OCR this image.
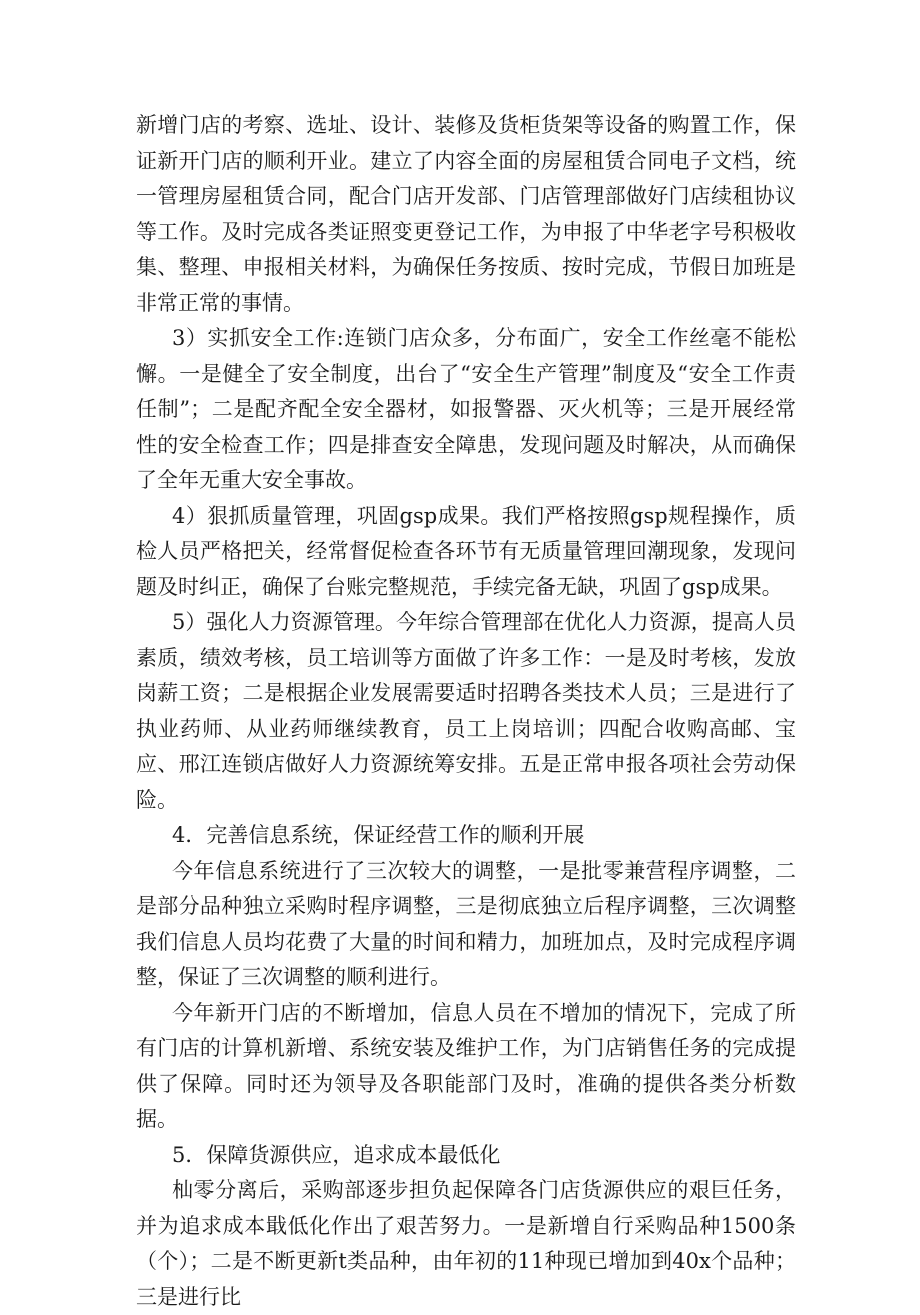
新增门店的考察、选址、设计、装修及货柜货架等设备的购置工作，保证新开门店的顺利开业。建立了内容全面的房屋租赁合同电子文档，统一管理房屋租赁合同，配合门店开发部、门店管理部做好门店续租协议等工作。及时完成各类证照变更登记工作，为申报了中华老字号积极收集、整理、申报相关材料，为确保任务按质、按时完成，节假日加班是非常正常的事情。

3）实抓安全工作:连锁门店众多，分布面广，安全工作丝毫不能松懈。一是健全了安全制度，出台了“安全生产管理”制度及“安全工作责任制”；二是配齐配全安全器材，如报警器、灭火机等；三是开展经常性的安全检查工作；四是排查安全障患，发现问题及时解决，从而确保了全年无重大安全事故。

4）狠抓质量管理，巩固gsp成果。我们严格按照gsp规程操作，质检人员严格把关，经常督促检查各环节有无质量管理回潮现象，发现问题及时纠正，确保了台账完整规范，手续完备无缺，巩固了gsp成果。

5）强化人力资源管理。今年综合管理部在优化人力资源，提高人员素质，绩效考核，员工培训等方面做了许多工作：一是及时考核，发放岗薪工资；二是根据企业发展需要适时招聘各类技术人员；三是进行了执业药师、从业药师继续教育，员工上岗培训；四配合收购高邮、宝应、邢江连锁店做好人力资源统筹安排。五是正常申报各项社会劳动保险。

4．完善信息系统，保证经营工作的顺利开展

今年信息系统进行了三次较大的调整，一是批零兼营程序调整，二是部分品种独立采购时程序调整，三是彻底独立后程序调整，三次调整我们信息人员均花费了大量的时间和精力，加班加点，及时完成程序调整，保证了三次调整的顺利进行。

今年新开门店的不断增加，信息人员在不增加的情况下，完成了所有门店的计算机新增、系统安装及维护工作，为门店销售任务的完成提供了保障。同时还为领导及各职能部门及时，准确的提供各类分析数据。

5．保障货源供应，追求成本最低化

杣零分离后，采购部逐步担负起保障各门店货源供应的艰巨任务，并为追求成本戢低化作出了艰苦努力。一是新增自行采购品种1500条（个）；二是不断更新t类品种，由年初的11种现已增加到40x个品种；三是进行比
